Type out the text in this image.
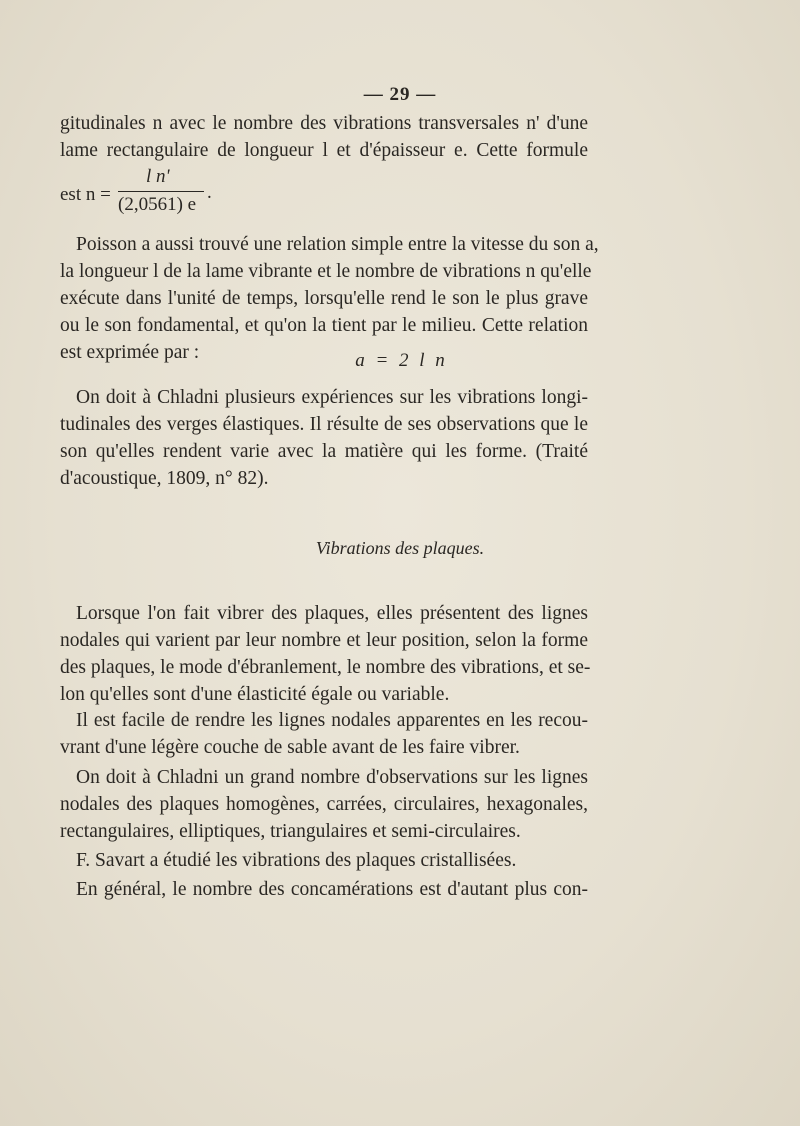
— 29 —
gitudinales n avec le nombre des vibrations transversales n' d'une
lame rectangulaire de longueur l et d'épaisseur e. Cette formule
est n =
l n'
(2,0561) e
.
Poisson a aussi trouvé une relation simple entre la vitesse du son a,
la longueur l de la lame vibrante et le nombre de vibrations n qu'elle
exécute dans l'unité de temps, lorsqu'elle rend le son le plus grave
ou le son fondamental, et qu'on la tient par le milieu. Cette relation
est exprimée par :	a = 2 l n
On doit à Chladni plusieurs expériences sur les vibrations longi-
tudinales des verges élastiques. Il résulte de ses observations que le
son qu'elles rendent varie avec la matière qui les forme. (Traité
d'acoustique, 1809, n° 82).
Vibrations des plaques.
Lorsque l'on fait vibrer des plaques, elles présentent des lignes
nodales qui varient par leur nombre et leur position, selon la forme
des plaques, le mode d'ébranlement, le nombre des vibrations, et se-
lon qu'elles sont d'une élasticité égale ou variable.
Il est facile de rendre les lignes nodales apparentes en les recou-
vrant d'une légère couche de sable avant de les faire vibrer.
On doit à Chladni un grand nombre d'observations sur les lignes
nodales des plaques homogènes, carrées, circulaires, hexagonales,
rectangulaires, elliptiques, triangulaires et semi-circulaires.
F. Savart a étudié les vibrations des plaques cristallisées.
En général, le nombre des concamérations est d'autant plus con-
